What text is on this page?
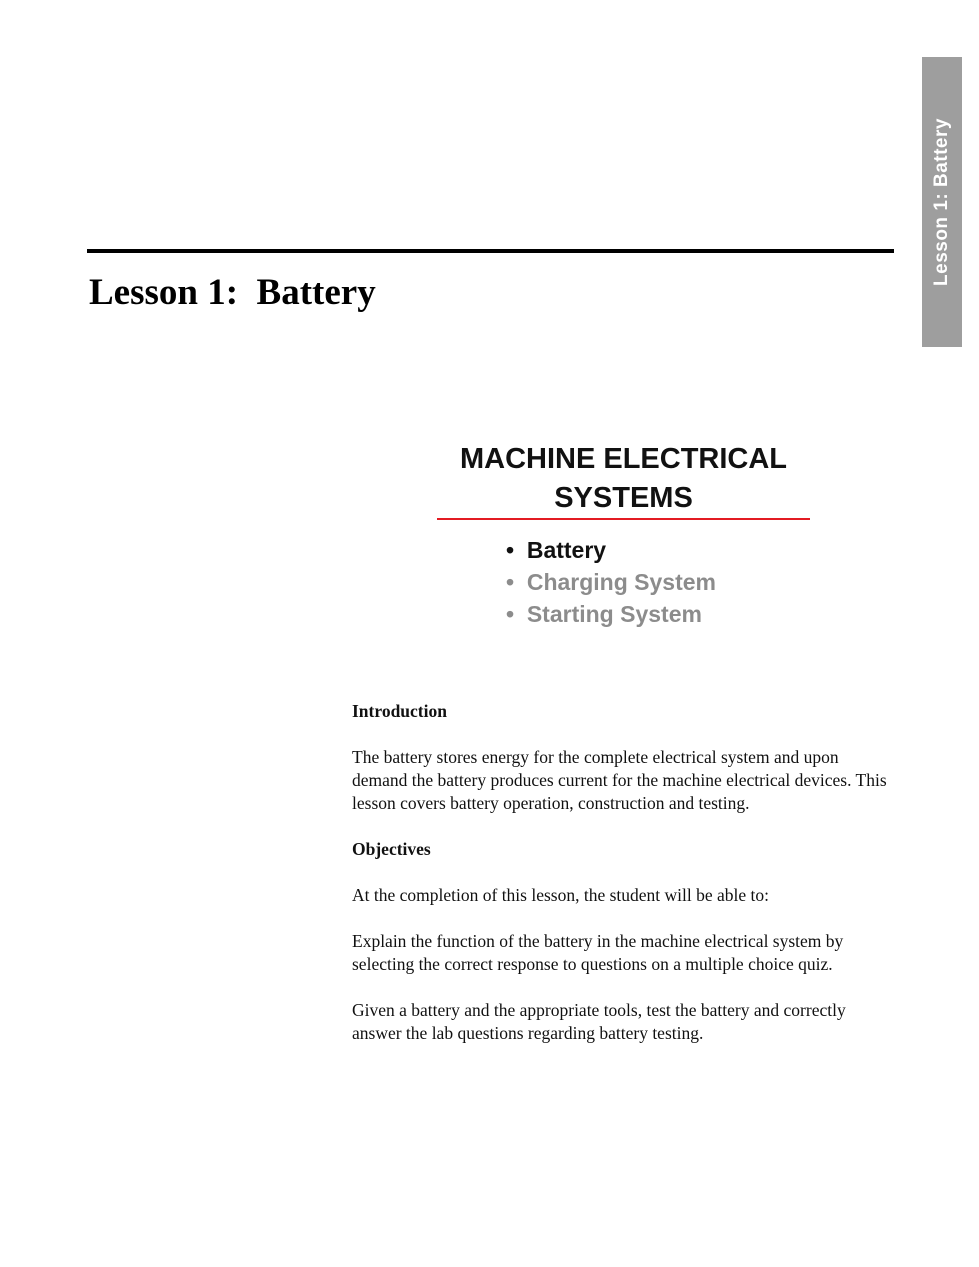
Lesson 1: Battery
Lesson 1:  Battery
MACHINE ELECTRICAL SYSTEMS
•  Battery
•  Charging System
•  Starting System
Introduction

The battery stores energy for the complete electrical system and upon demand the battery produces current for the machine electrical devices. This lesson covers battery operation, construction and testing.

Objectives

At the completion of this lesson, the student will be able to:

Explain the function of the battery in the machine electrical system by selecting the correct response to questions on a multiple choice quiz.

Given a battery and the appropriate tools, test the battery and correctly answer the lab questions regarding battery testing.
